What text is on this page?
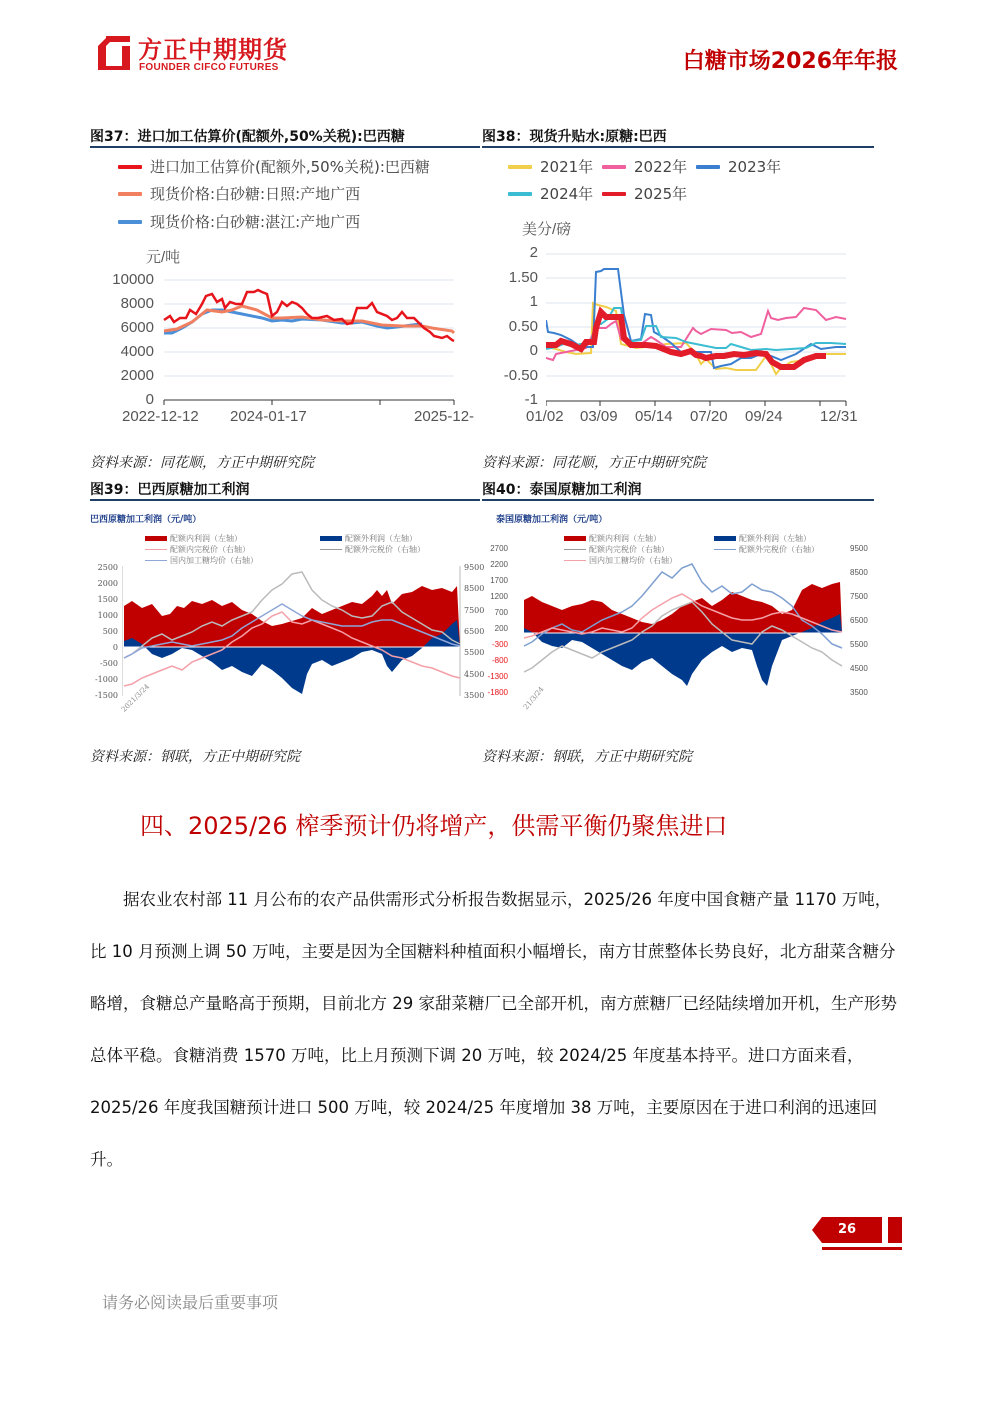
方正中期期货
FOUNDER CIFCO FUTURES	白糖市场2026年年报
图37：进口加工估算价(配额外,50%关税):巴西糖
进口加工估算价(配额外,50%关税):巴西糖
现货价格:白砂糖:日照:产地广西
现货价格:白砂糖:湛江:产地广西
元/吨
10000
8000
6000
4000
2000
0
2022-12-12 2024-01-17	2025-12-
资料来源：同花顺，方正中期研究院
图38：现货升贴水:原糖:巴西
2021年	2022年	2023年
2024年	2025年
美分/磅
2
1.50
1
0.50
0
-0.50
-1
01/02 03/09 05/14 07/20 09/24 12/31
资料来源：同花顺，方正中期研究院
图39：巴西原糖加工利润
巴西原糖加工利润（元/吨）
配额内利润（左轴）	配额外利润（左轴）
配额内完税价（右轴）	配额外完税价（右轴）
国内加工糖均价（右轴）
2500
2000
1500
1000
500
0
-500
-1000
-1500
9500
8500
7500
6500
5500
4500
3500
2021/3/24
资料来源：钢联，方正中期研究院
图40：泰国原糖加工利润
泰国原糖加工利润（元/吨）
配额内利润（左轴）	配额外利润（左轴）
配额内完税价（右轴）	配额外完税价（右轴）
国内加工糖均价（右轴）
2700
2200
1700
1200
700
200
-300
-800
-1300
-1800
9500
8500
7500
6500
5500
4500
3500
21/3/24
资料来源：钢联，方正中期研究院
四、2025/26 榨季预计仍将增产，供需平衡仍聚焦进口

据农业农村部 11 月公布的农产品供需形式分析报告数据显示，2025/26 年度中国食糖产量 1170 万吨，比 10 月预测上调 50 万吨，主要是因为全国糖料种植面积小幅增长，南方甘蔗整体长势良好，北方甜菜含糖分略增，食糖总产量略高于预期，目前北方 29 家甜菜糖厂已全部开机，南方蔗糖厂已经陆续增加开机，生产形势总体平稳。食糖消费 1570 万吨，比上月预测下调 20 万吨，较 2024/25 年度基本持平。进口方面来看，2025/26 年度我国糖预计进口 500 万吨，较 2024/25 年度增加 38 万吨，主要原因在于进口利润的迅速回升。

26
请务必阅读最后重要事项
